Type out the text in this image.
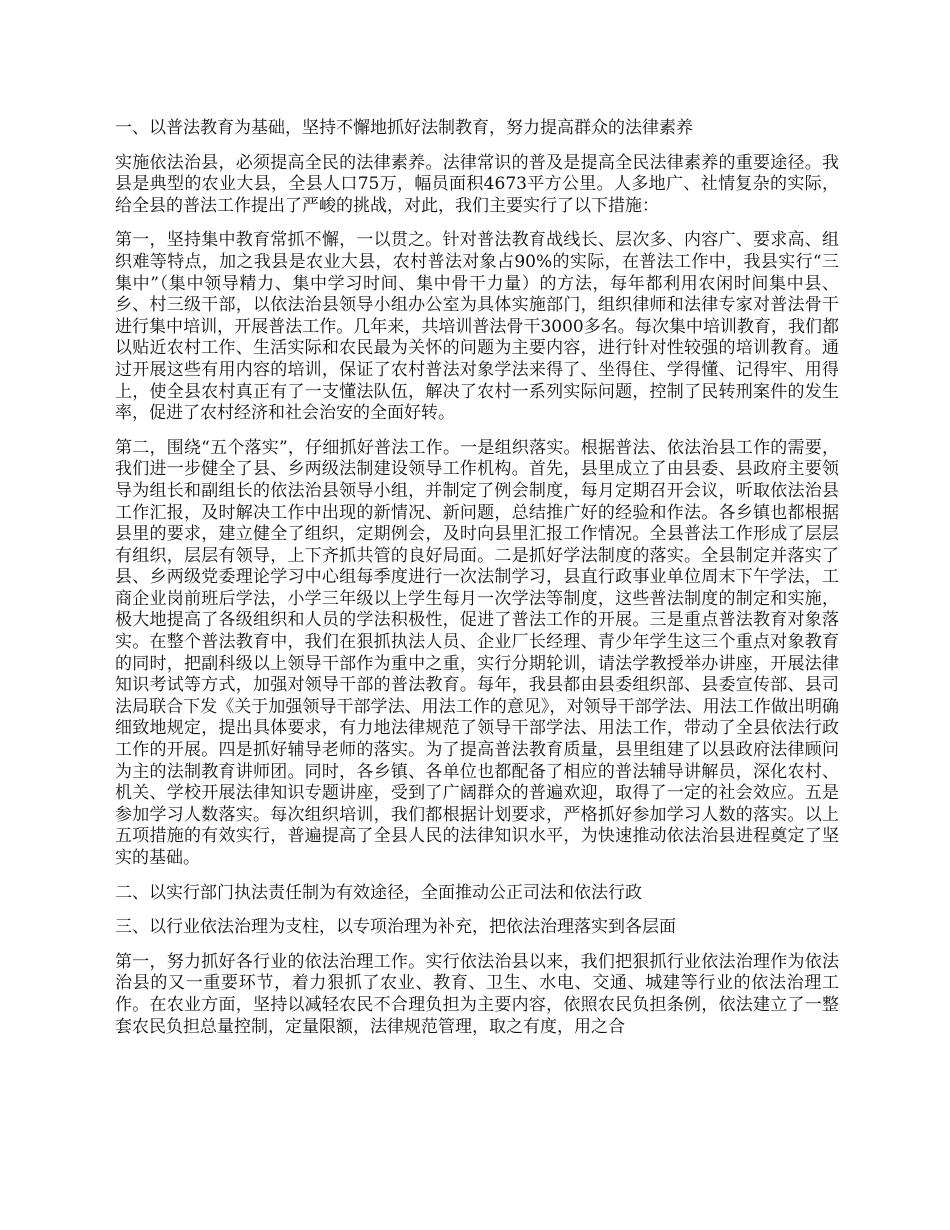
一、以普法教育为基础，坚持不懈地抓好法制教育，努力提高群众的法律素养

实施依法治县，必须提高全民的法律素养。法律常识的普及是提高全民法律素养的重要途径。我县是典型的农业大县，全县人口75万，幅员面积4673平方公里。人多地广、社情复杂的实际，给全县的普法工作提出了严峻的挑战，对此，我们主要实行了以下措施：

第一，坚持集中教育常抓不懈，一以贯之。针对普法教育战线长、层次多、内容广、要求高、组织难等特点，加之我县是农业大县，农村普法对象占90%的实际，在普法工作中，我县实行“三集中”（集中领导精力、集中学习时间、集中骨干力量）的方法，每年都利用农闲时间集中县、乡、村三级干部，以依法治县领导小组办公室为具体实施部门，组织律师和法律专家对普法骨干进行集中培训，开展普法工作。几年来，共培训普法骨干3000多名。每次集中培训教育，我们都以贴近农村工作、生活实际和农民最为关怀的问题为主要内容，进行针对性较强的培训教育。通过开展这些有用内容的培训，保证了农村普法对象学法来得了、坐得住、学得懂、记得牢、用得上，使全县农村真正有了一支懂法队伍，解决了农村一系列实际问题，控制了民转刑案件的发生率，促进了农村经济和社会治安的全面好转。

第二，围绕“五个落实”，仔细抓好普法工作。一是组织落实。根据普法、依法治县工作的需要，我们进一步健全了县、乡两级法制建设领导工作机构。首先，县里成立了由县委、县政府主要领导为组长和副组长的依法治县领导小组，并制定了例会制度，每月定期召开会议，听取依法治县工作汇报，及时解决工作中出现的新情况、新问题，总结推广好的经验和作法。各乡镇也都根据县里的要求，建立健全了组织，定期例会，及时向县里汇报工作情况。全县普法工作形成了层层有组织，层层有领导，上下齐抓共管的良好局面。二是抓好学法制度的落实。全县制定并落实了县、乡两级党委理论学习中心组每季度进行一次法制学习，县直行政事业单位周末下午学法，工商企业岗前班后学法，小学三年级以上学生每月一次学法等制度，这些普法制度的制定和实施，极大地提高了各级组织和人员的学法积极性，促进了普法工作的开展。三是重点普法教育对象落实。在整个普法教育中，我们在狠抓执法人员、企业厂长经理、青少年学生这三个重点对象教育的同时，把副科级以上领导干部作为重中之重，实行分期轮训，请法学教授举办讲座，开展法律知识考试等方式，加强对领导干部的普法教育。每年，我县都由县委组织部、县委宣传部、县司法局联合下发《关于加强领导干部学法、用法工作的意见》，对领导干部学法、用法工作做出明确细致地规定，提出具体要求，有力地法律规范了领导干部学法、用法工作，带动了全县依法行政工作的开展。四是抓好辅导老师的落实。为了提高普法教育质量，县里组建了以县政府法律顾问为主的法制教育讲师团。同时，各乡镇、各单位也都配备了相应的普法辅导讲解员，深化农村、机关、学校开展法律知识专题讲座，受到了广阔群众的普遍欢迎，取得了一定的社会效应。五是参加学习人数落实。每次组织培训，我们都根据计划要求，严格抓好参加学习人数的落实。以上五项措施的有效实行，普遍提高了全县人民的法律知识水平，为快速推动依法治县进程奠定了坚实的基础。

二、以实行部门执法责任制为有效途径，全面推动公正司法和依法行政

三、以行业依法治理为支柱，以专项治理为补充，把依法治理落实到各层面

第一，努力抓好各行业的依法治理工作。实行依法治县以来，我们把狠抓行业依法治理作为依法治县的又一重要环节，着力狠抓了农业、教育、卫生、水电、交通、城建等行业的依法治理工作。在农业方面，坚持以减轻农民不合理负担为主要内容，依照农民负担条例，依法建立了一整套农民负担总量控制，定量限额，法律规范管理，取之有度，用之合
